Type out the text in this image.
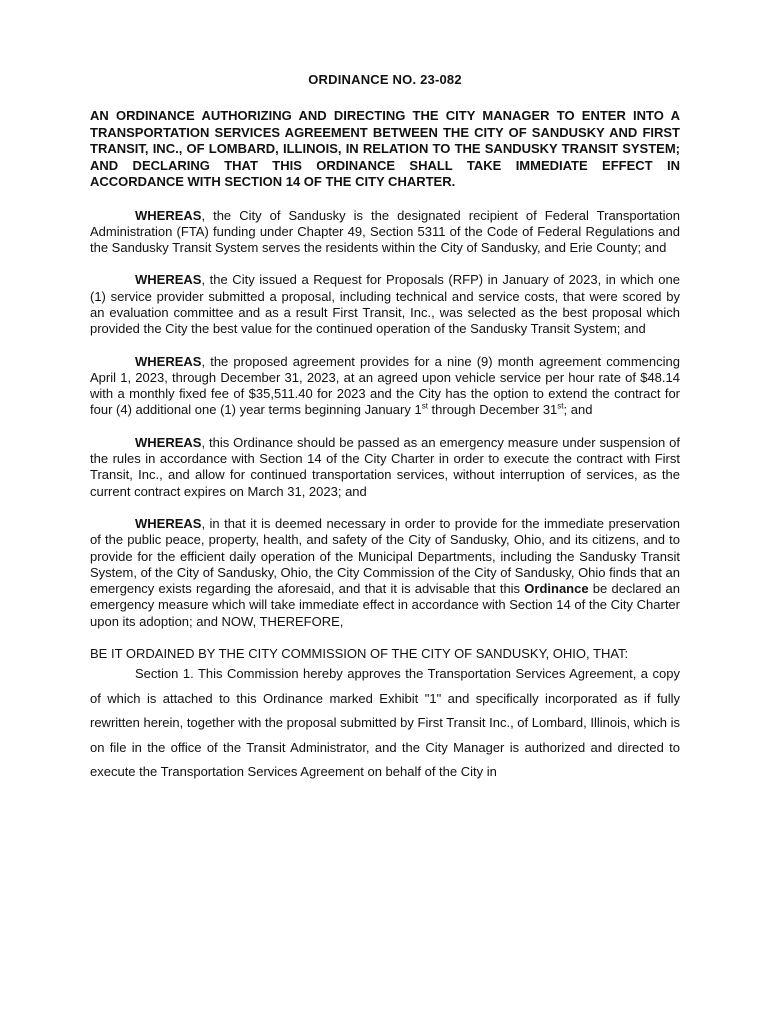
ORDINANCE NO. 23-082
AN ORDINANCE AUTHORIZING AND DIRECTING THE CITY MANAGER TO ENTER INTO A TRANSPORTATION SERVICES AGREEMENT BETWEEN THE CITY OF SANDUSKY AND FIRST TRANSIT, INC., OF LOMBARD, ILLINOIS, IN RELATION TO THE SANDUSKY TRANSIT SYSTEM; AND DECLARING THAT THIS ORDINANCE SHALL TAKE IMMEDIATE EFFECT IN ACCORDANCE WITH SECTION 14 OF THE CITY CHARTER.

WHEREAS, the City of Sandusky is the designated recipient of Federal Transportation Administration (FTA) funding under Chapter 49, Section 5311 of the Code of Federal Regulations and the Sandusky Transit System serves the residents within the City of Sandusky, and Erie County; and

WHEREAS, the City issued a Request for Proposals (RFP) in January of 2023, in which one (1) service provider submitted a proposal, including technical and service costs, that were scored by an evaluation committee and as a result First Transit, Inc., was selected as the best proposal which provided the City the best value for the continued operation of the Sandusky Transit System; and

WHEREAS, the proposed agreement provides for a nine (9) month agreement commencing April 1, 2023, through December 31, 2023, at an agreed upon vehicle service per hour rate of $48.14 with a monthly fixed fee of $35,511.40 for 2023 and the City has the option to extend the contract for four (4) additional one (1) year terms beginning January 1st through December 31st; and

WHEREAS, this Ordinance should be passed as an emergency measure under suspension of the rules in accordance with Section 14 of the City Charter in order to execute the contract with First Transit, Inc., and allow for continued transportation services, without interruption of services, as the current contract expires on March 31, 2023; and

WHEREAS, in that it is deemed necessary in order to provide for the immediate preservation of the public peace, property, health, and safety of the City of Sandusky, Ohio, and its citizens, and to provide for the efficient daily operation of the Municipal Departments, including the Sandusky Transit System, of the City of Sandusky, Ohio, the City Commission of the City of Sandusky, Ohio finds that an emergency exists regarding the aforesaid, and that it is advisable that this Ordinance be declared an emergency measure which will take immediate effect in accordance with Section 14 of the City Charter upon its adoption; and NOW, THEREFORE,

BE IT ORDAINED BY THE CITY COMMISSION OF THE CITY OF SANDUSKY, OHIO, THAT:

Section 1. This Commission hereby approves the Transportation Services Agreement, a copy of which is attached to this Ordinance marked Exhibit "1" and specifically incorporated as if fully rewritten herein, together with the proposal submitted by First Transit Inc., of Lombard, Illinois, which is on file in the office of the Transit Administrator, and the City Manager is authorized and directed to execute the Transportation Services Agreement on behalf of the City in
